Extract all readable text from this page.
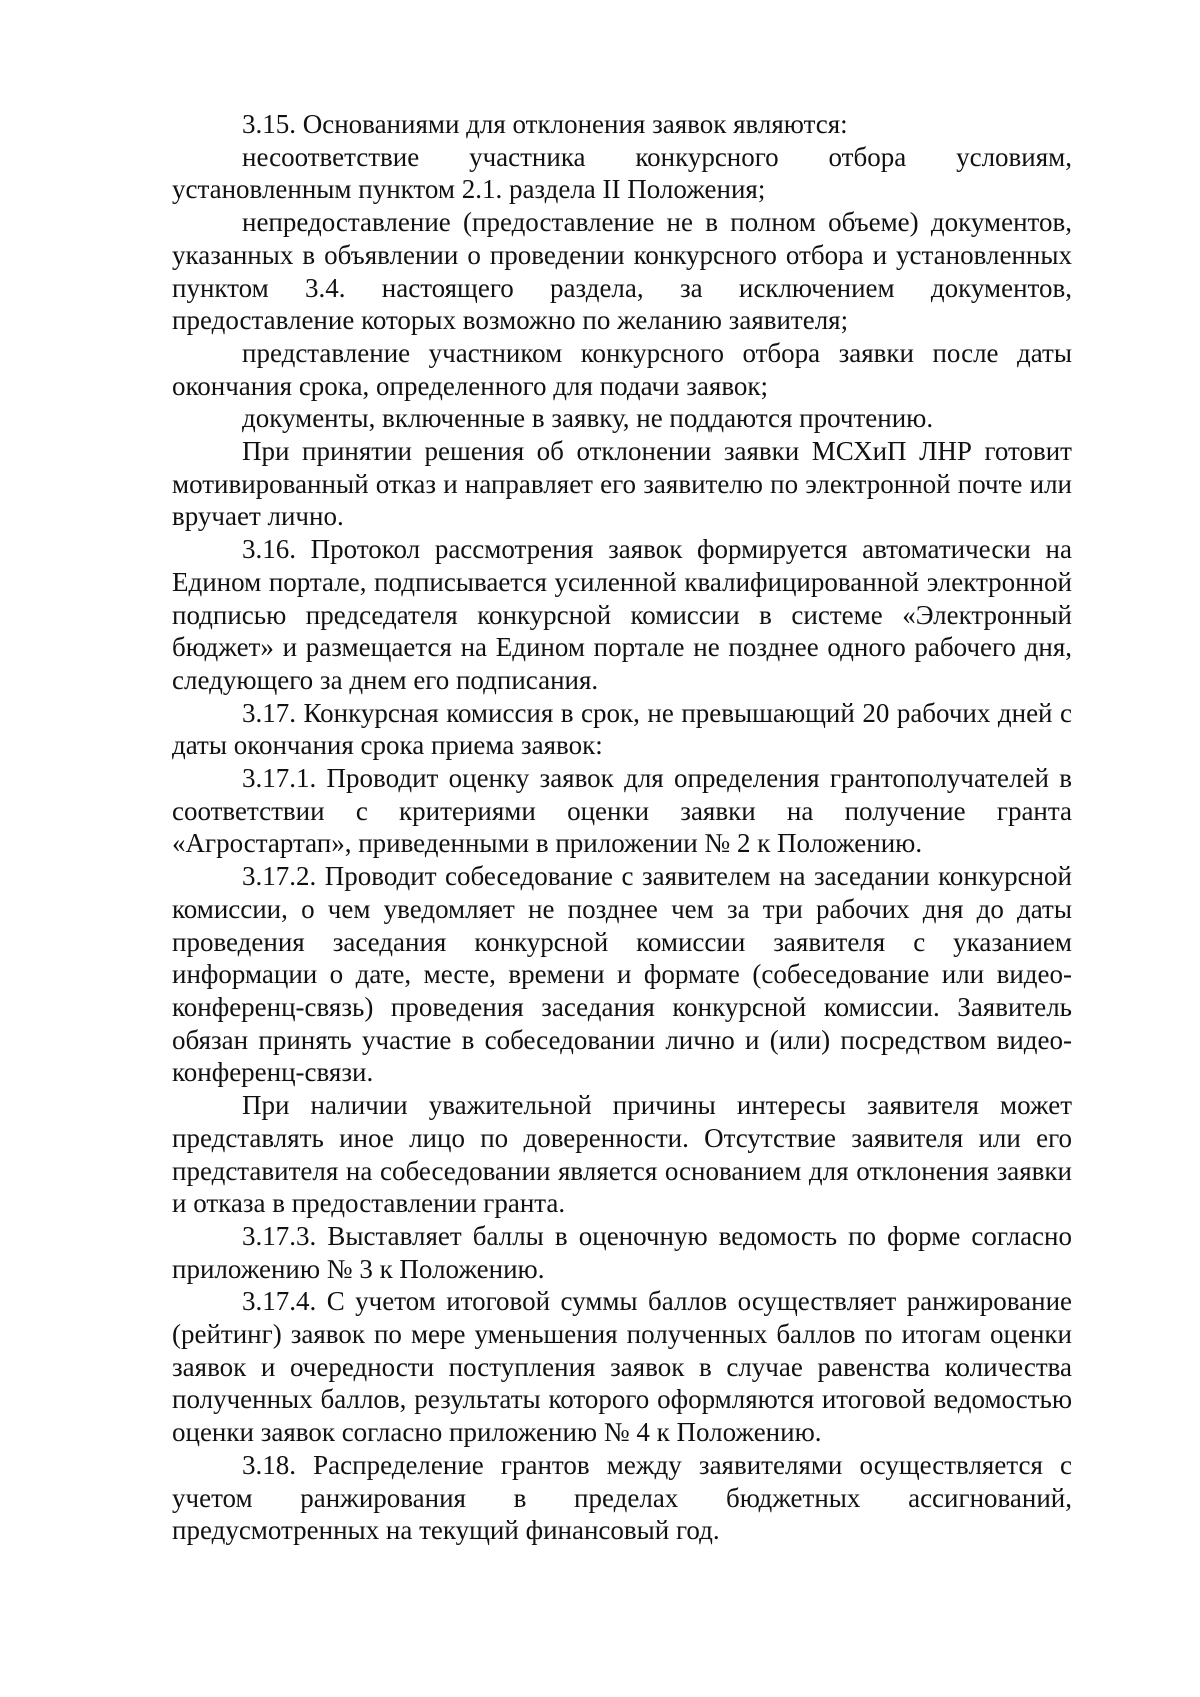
3.15. Основаниями для отклонения заявок являются:

несоответствие участника конкурсного отбора условиям, установленным пунктом 2.1. раздела II Положения;

непредоставление (предоставление не в полном объеме) документов, указанных в объявлении о проведении конкурсного отбора и установленных пунктом 3.4. настоящего раздела, за исключением документов, предоставление которых возможно по желанию заявителя;

представление участником конкурсного отбора заявки после даты окончания срока, определенного для подачи заявок;

документы, включенные в заявку, не поддаются прочтению.

При принятии решения об отклонении заявки МСХиП ЛНР готовит мотивированный отказ и направляет его заявителю по электронной почте или вручает лично.

3.16. Протокол рассмотрения заявок формируется автоматически на Едином портале, подписывается усиленной квалифицированной электронной подписью председателя конкурсной комиссии в системе «Электронный бюджет» и размещается на Едином портале не позднее одного рабочего дня, следующего за днем его подписания.

3.17. Конкурсная комиссия в срок, не превышающий 20 рабочих дней с даты окончания срока приема заявок:

3.17.1. Проводит оценку заявок для определения грантополучателей в соответствии с критериями оценки заявки на получение гранта «Агростартап», приведенными в приложении № 2 к Положению.

3.17.2. Проводит собеседование с заявителем на заседании конкурсной комиссии, о чем уведомляет не позднее чем за три рабочих дня до даты проведения заседания конкурсной комиссии заявителя с указанием информации о дате, месте, времени и формате (собеседование или видео-конференц-связь) проведения заседания конкурсной комиссии. Заявитель обязан принять участие в собеседовании лично и (или) посредством видео-конференц-связи.

При наличии уважительной причины интересы заявителя может представлять иное лицо по доверенности. Отсутствие заявителя или его представителя на собеседовании является основанием для отклонения заявки и отказа в предоставлении гранта.

3.17.3. Выставляет баллы в оценочную ведомость по форме согласно приложению № 3 к Положению.

3.17.4. С учетом итоговой суммы баллов осуществляет ранжирование (рейтинг) заявок по мере уменьшения полученных баллов по итогам оценки заявок и очередности поступления заявок в случае равенства количества полученных баллов, результаты которого оформляются итоговой ведомостью оценки заявок согласно приложению № 4 к Положению.

3.18. Распределение грантов между заявителями осуществляется с учетом ранжирования в пределах бюджетных ассигнований, предусмотренных на текущий финансовый год.
